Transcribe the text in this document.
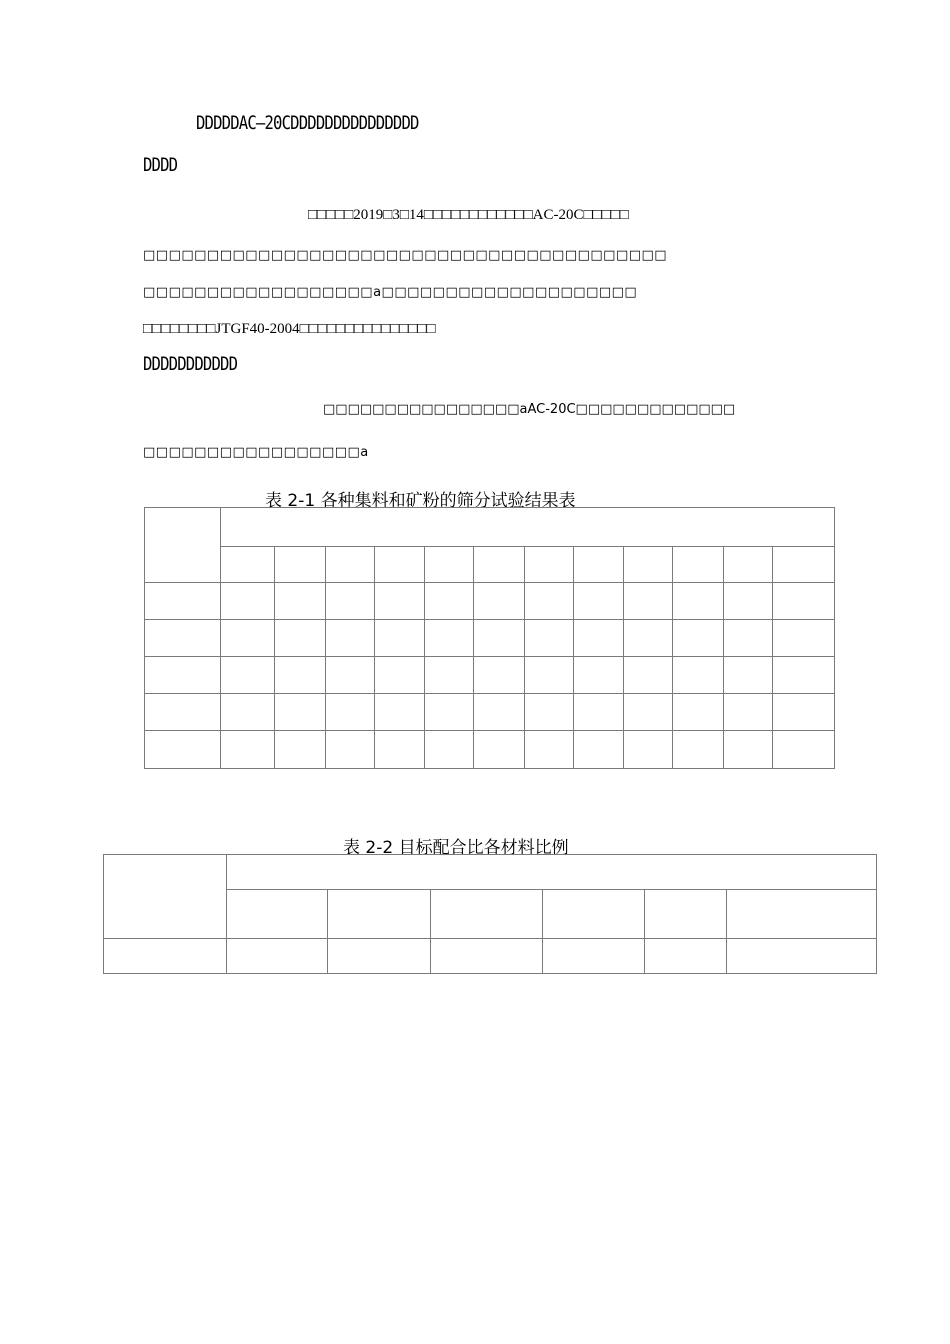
DDDDDAC—20CDDDDDDDDDDDDDDD
DDDD
□□□□□2019□3□14□□□□□□□□□□□□AC-20C□□□□□
□□□□□□□□□□□□□□□□□□□□□□□□□□□□□□□□□□□□□□□□□
□□□□□□□□□□□□□□□□□□a□□□□□□□□□□□□□□□□□□□□
□□□□□□□□JTGF40-2004□□□□□□□□□□□□□□□
DDDDDDDDDDD
□□□□□□□□□□□□□□□□aAC-20C□□□□□□□□□□□□□
□□□□□□□□□□□□□□□□□a
表 2-1 各种集料和矿粉的筛分试验结果表

表 2-2 目标配合比各材料比例
